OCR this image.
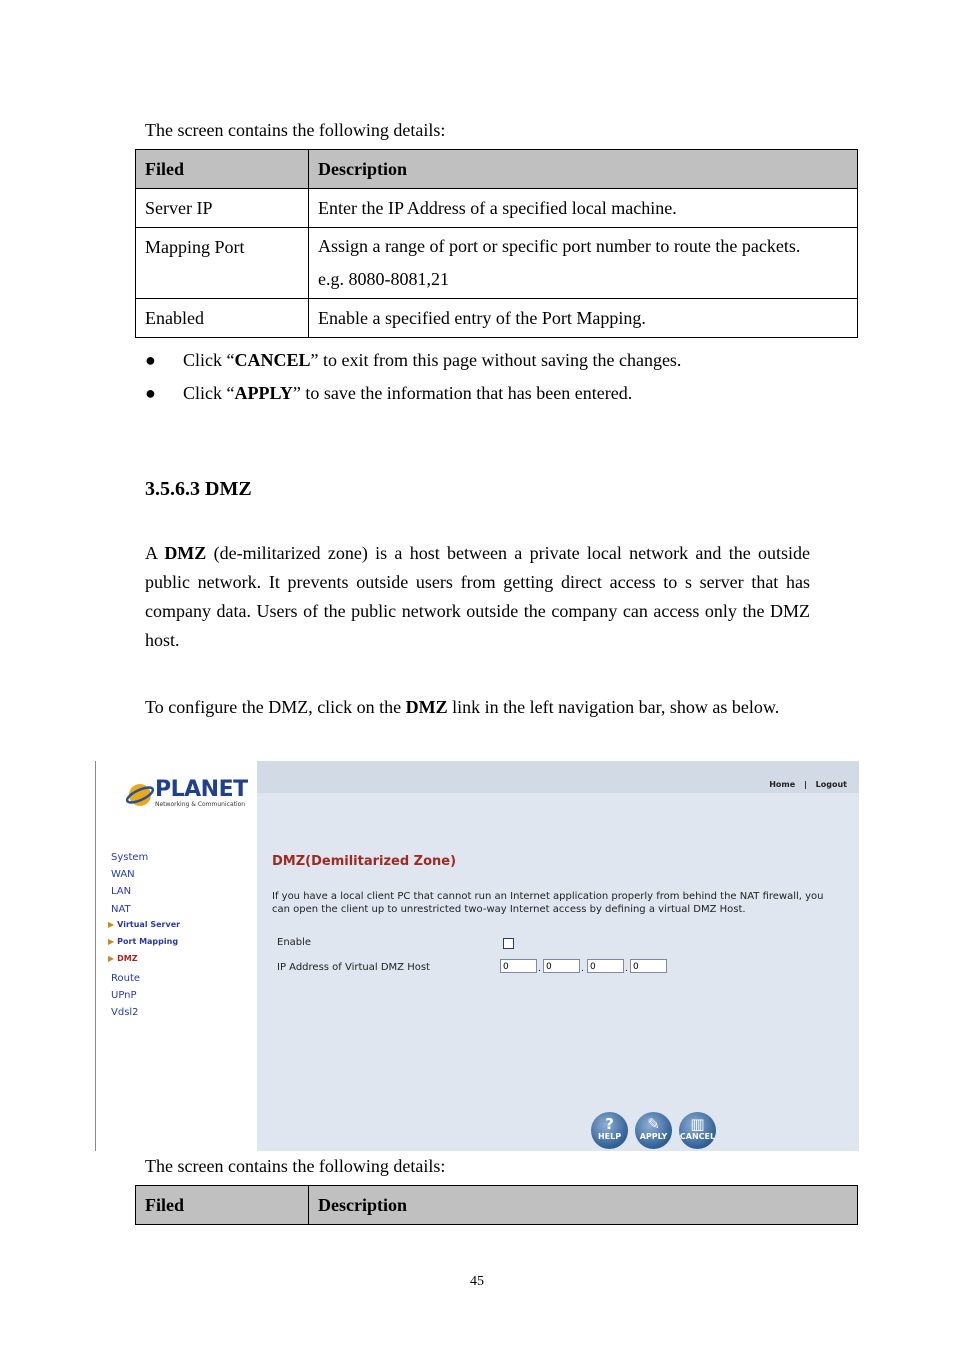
The screen contains the following details:
Filed	Description
Server IP	Enter the IP Address of a specified local machine.
Mapping Port	Assign a range of port or specific port number to route the packets.
e.g. 8080-8081,21

Enabled	Enable a specified entry of the Port Mapping.
● Click “CANCEL” to exit from this page without saving the changes.
● Click “APPLY” to save the information that has been entered.
3.5.6.3 DMZ
A DMZ (de-militarized zone) is a host between a private local network and the outside public network. It prevents outside users from getting direct access to s server that has company data. Users of the public network outside the company can access only the DMZ host.
To configure the DMZ, click on the DMZ link in the left navigation bar, show as below.
PLANET
Networking & Communication
System
WAN
LAN
NAT
▶ Virtual Server
▶ Port Mapping
▶ DMZ
Route
UPnP
Vdsl2
Home | Logout
DMZ(Demilitarized Zone)
If you have a local client PC that cannot run an Internet application properly from behind the NAT firewall, you can open the client up to unrestricted two-way Internet access by defining a virtual DMZ Host.
Enable
IP Address of Virtual DMZ Host	0	. 0	. 0	. 0
?
HELP
✎
APPLY
▥
CANCEL
The screen contains the following details:
Filed	Description
45
